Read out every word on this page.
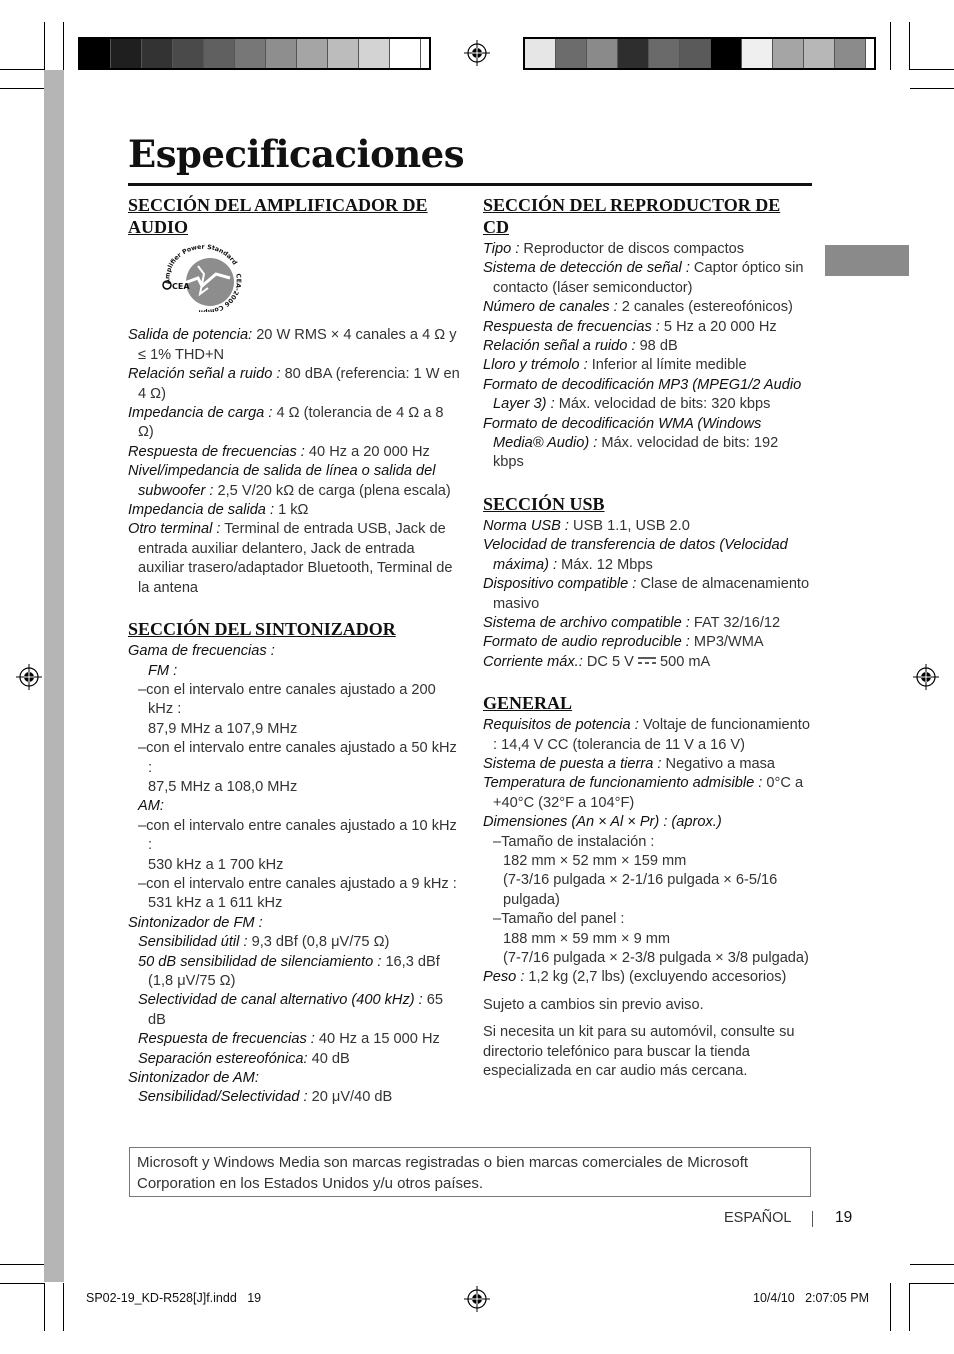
Especificaciones
SECCIÓN DEL AMPLIFICADOR DE
AUDIO
CEA
Amplifier Power Standard
CEA-2006 Compli
Salida de potencia: 20 W RMS × 4 canales a 4 Ω y ≤ 1% THD+N
Relación señal a ruido : 80 dBA (referencia: 1 W en 4 Ω)
Impedancia de carga : 4 Ω (tolerancia de 4 Ω a 8 Ω)
Respuesta de frecuencias : 40 Hz a 20 000 Hz
Nivel/impedancia de salida de línea o salida del subwoofer : 2,5 V/20 kΩ de carga (plena escala)
Impedancia de salida : 1 kΩ
Otro terminal : Terminal de entrada USB, Jack de entrada auxiliar delantero, Jack de entrada auxiliar trasero/adaptador Bluetooth, Terminal de la antena
SECCIÓN DEL SINTONIZADOR
Gama de frecuencias :
FM :
–con el intervalo entre canales ajustado a 200 kHz :
87,9 MHz a 107,9 MHz
–con el intervalo entre canales ajustado a 50 kHz :
87,5 MHz a 108,0 MHz
AM:
–con el intervalo entre canales ajustado a 10 kHz :
530 kHz a 1 700 kHz
–con el intervalo entre canales ajustado a 9 kHz :
531 kHz a 1 611 kHz
Sintonizador de FM :
Sensibilidad útil : 9,3 dBf (0,8 μV/75 Ω)
50 dB sensibilidad de silenciamiento : 16,3 dBf (1,8 μV/75 Ω)
Selectividad de canal alternativo (400 kHz) : 65 dB
Respuesta de frecuencias : 40 Hz a 15 000 Hz
Separación estereofónica: 40 dB
Sintonizador de AM:
Sensibilidad/Selectividad : 20 μV/40 dB
SECCIÓN DEL REPRODUCTOR DE
CD
Tipo : Reproductor de discos compactos
Sistema de detección de señal : Captor óptico sin contacto (láser semiconductor)
Número de canales : 2 canales (estereofónicos)
Respuesta de frecuencias : 5 Hz a 20 000 Hz
Relación señal a ruido : 98 dB
Lloro y trémolo : Inferior al límite medible
Formato de decodificación MP3 (MPEG1/2 Audio Layer 3) : Máx. velocidad de bits: 320 kbps
Formato de decodificación WMA (Windows Media® Audio) : Máx. velocidad de bits: 192 kbps
SECCIÓN USB
Norma USB : USB 1.1, USB 2.0
Velocidad de transferencia de datos (Velocidad máxima) : Máx. 12 Mbps
Dispositivo compatible : Clase de almacenamiento masivo
Sistema de archivo compatible : FAT 32/16/12
Formato de audio reproducible : MP3/WMA
Corriente máx.: DC 5 V  500 mA
GENERAL
Requisitos de potencia : Voltaje de funcionamiento : 14,4 V CC (tolerancia de 11 V a 16 V)
Sistema de puesta a tierra : Negativo a masa
Temperatura de funcionamiento admisible : 0°C a +40°C (32°F a 104°F)
Dimensiones (An × Al × Pr) : (aprox.)
–Tamaño de instalación :
182 mm × 52 mm × 159 mm
(7-3/16 pulgada × 2-1/16 pulgada × 6-5/16 pulgada)
–Tamaño del panel :
188 mm × 59 mm × 9 mm
(7-7/16 pulgada × 2-3/8 pulgada × 3/8 pulgada)
Peso : 1,2 kg (2,7 lbs) (excluyendo accesorios)
Sujeto a cambios sin previo aviso.
Si necesita un kit para su automóvil, consulte su directorio telefónico para buscar la tienda especializada en car audio más cercana.
Microsoft y Windows Media son marcas registradas o bien marcas comerciales de Microsoft Corporation en los Estados Unidos y/u otros países.
ESPAÑOL	19
SP02-19_KD-R528[J]f.indd   19	10/4/10   2:07:05 PM
